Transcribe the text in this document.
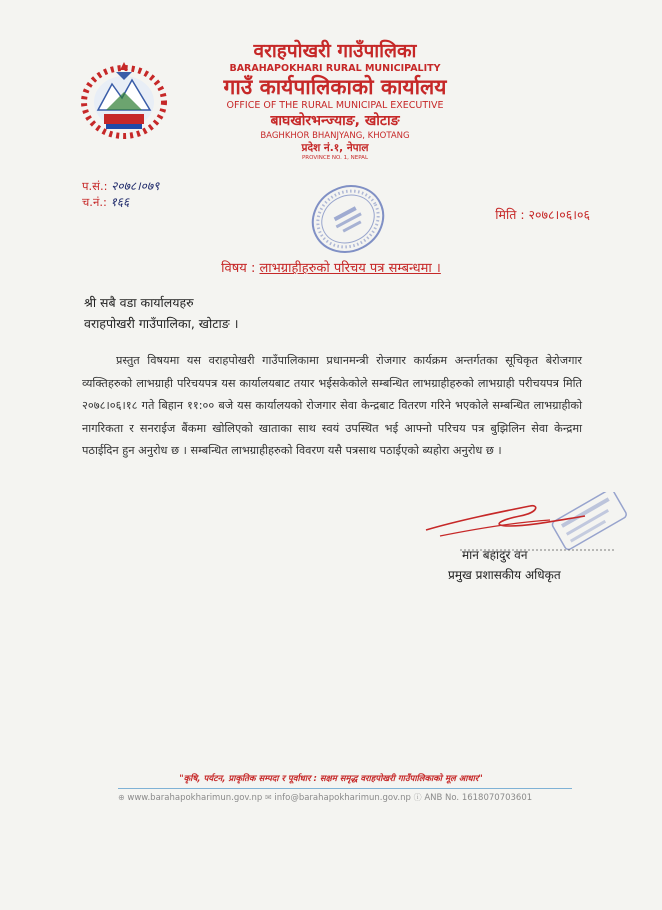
वराहपोखरी गाउँपालिका
BARAHAPOKHARI RURAL MUNICIPALITY
गाउँ कार्यपालिकाको कार्यालय
OFFICE OF THE RURAL MUNICIPAL EXECUTIVE
बाघखोरभन्ज्याङ, खोटाङ
BAGHKHOR BHANJYANG, KHOTANG
प्रदेश नं.१, नेपाल
PROVINCE NO. 1, NEPAL
प.सं.: २०७८।०७९
च.नं.: १६६
मिति : २०७८।०६।०६
विषय : लाभग्राहीहरुको परिचय पत्र सम्बन्धमा ।
श्री सबै वडा कार्यालयहरु
वराहपोखरी गाउँपालिका, खोटाङ ।
प्रस्तुत विषयमा यस वराहपोखरी गाउँपालिकामा प्रधानमन्त्री रोजगार कार्यक्रम अन्तर्गतका सूचिकृत बेरोजगार व्यक्तिहरुको लाभग्राही परिचयपत्र यस कार्यालयबाट तयार भईसकेकोले सम्बन्धित लाभग्राहीहरुको लाभग्राही परीचयपत्र मिति २०७८।०६।१८ गते बिहान ११:०० बजे यस कार्यालयको रोजगार सेवा केन्द्रबाट वितरण गरिने भएकोले सम्बन्धित लाभग्राहीको नागरिकता र सनराईज बैंकमा खोलिएको खाताका साथ स्वयं उपस्थित भई आफ्नो परिचय पत्र बुझिलिन सेवा केन्द्रमा पठाईदिन हुन अनुरोध छ । सम्बन्धित लाभग्राहीहरुको विवरण यसै पत्रसाथ पठाईएको ब्यहोरा अनुरोध छ ।
मान बहादुर वन
प्रमुख प्रशासकीय अधिकृत
"कृषि, पर्यटन, प्राकृतिक सम्पदा र पूर्वाधार : सक्षम समृद्ध वराहपोखरी गाउँपालिकाको मूल आधार"
⊕ www.barahapokharimun.gov.np ✉ info@barahapokharimun.gov.np ⓘ ANB No. 1618070703601
